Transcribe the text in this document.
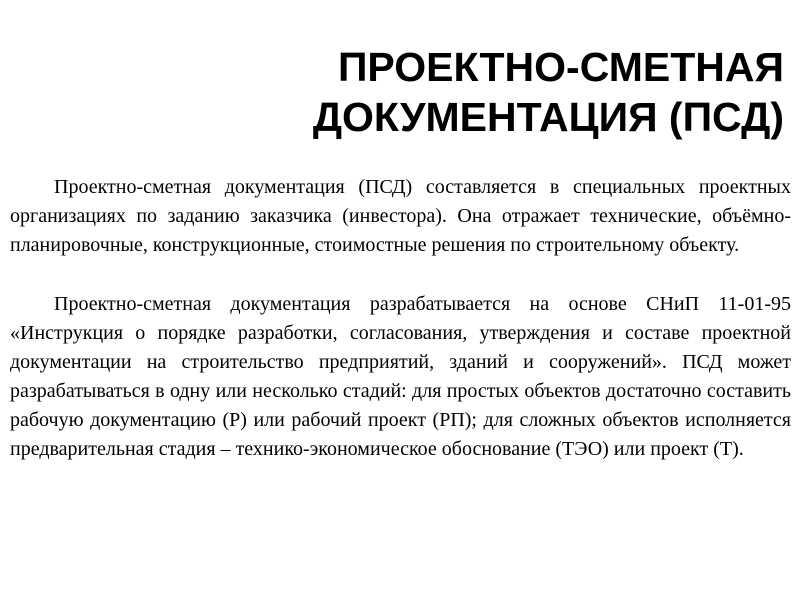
ПРОЕКТНО-СМЕТНАЯ
ДОКУМЕНТАЦИЯ (ПСД)

Проектно-сметная документация (ПСД) составляется в специальных проектных организациях по заданию заказчика (инвестора). Она отражает технические, объёмно- планировочные, конструкционные, стоимостные решения по строительному объекту.

Проектно-сметная документация разрабатывается на основе СНиП 11-01-95 «Инструкция о порядке разработки, согласования, утверждения и составе проектной документации на строительство предприятий, зданий и сооружений». ПСД может разрабатываться в одну или несколько стадий: для простых объектов достаточно составить рабочую документацию (Р) или рабочий проект (РП); для сложных объектов исполняется предварительная стадия – технико-экономическое обоснование (ТЭО) или проект (Т).
